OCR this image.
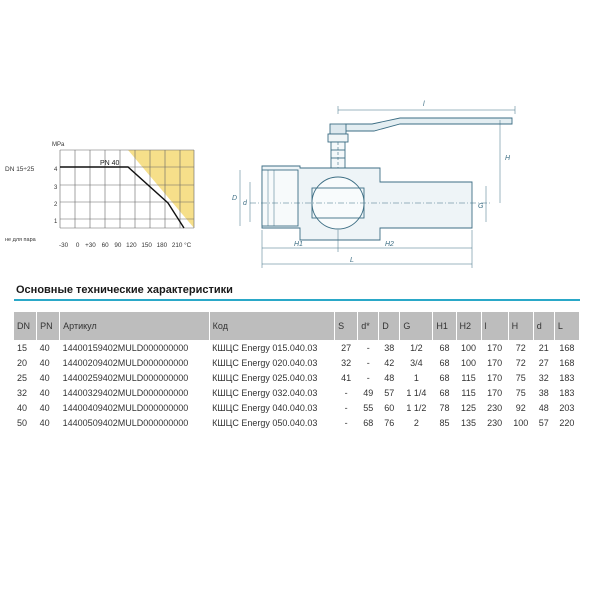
PN 40
DN 15÷25
MPa
1
2
3
4
не для пара
-30 0 +30 60 90 120 150 180 210 °C
l
H
D
d	G
H1	H2
L
Основные технические характеристики
DN	PN	Артикул	Код	S	d*	D	G	H1	H2	l	H	d	L
15	40	14400159402MULD000000000	КШЦС Energy 015.040.03	27	-	38	1/2	68	100	170	72	21	168
20	40	14400209402MULD000000000	КШЦС Energy 020.040.03	32	-	42	3/4	68	100	170	72	27	168
25	40	14400259402MULD000000000	КШЦС Energy 025.040.03	41	-	48	1	68	115	170	75	32	183
32	40	14400329402MULD000000000	КШЦС Energy 032.040.03	-	49	57	1 1/4	68	115	170	75	38	183
40	40	14400409402MULD000000000	КШЦС Energy 040.040.03	-	55	60	1 1/2	78	125	230	92	48	203
50	40	14400509402MULD000000000	КШЦС Energy 050.040.03	-	68	76	2	85	135	230	100	57	220
